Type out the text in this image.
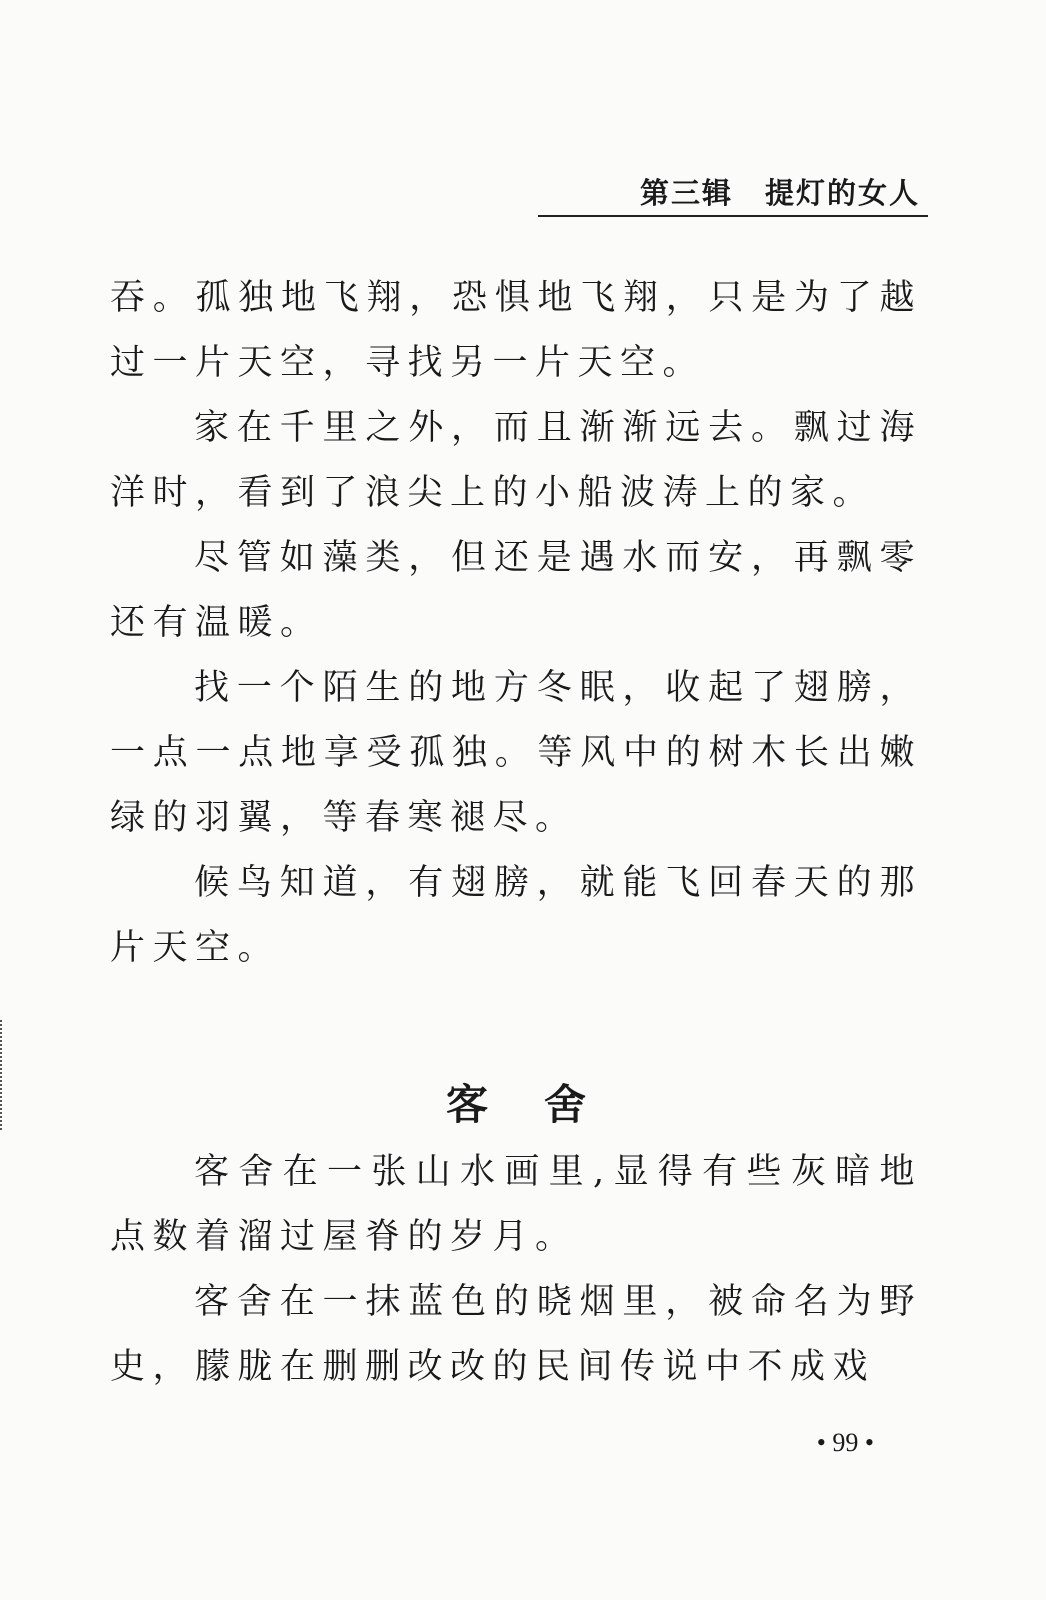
第三辑 提灯的女人

吞。孤独地飞翔，恐惧地飞翔，只是为了越过一片天空，寻找另一片天空。

家在千里之外，而且渐渐远去。飘过海洋时，看到了浪尖上的小船波涛上的家。

尽管如藻类，但还是遇水而安，再飘零还有温暖。

找一个陌生的地方冬眠，收起了翅膀，一点一点地享受孤独。等风中的树木长出嫩绿的羽翼，等春寒褪尽。

候鸟知道，有翅膀，就能飞回春天的那片天空。

客舍

客舍在一张山水画里,显得有些灰暗地点数着溜过屋脊的岁月。

客舍在一抹蓝色的晓烟里，被命名为野史，朦胧在删删改改的民间传说中不成戏

• 99 •
